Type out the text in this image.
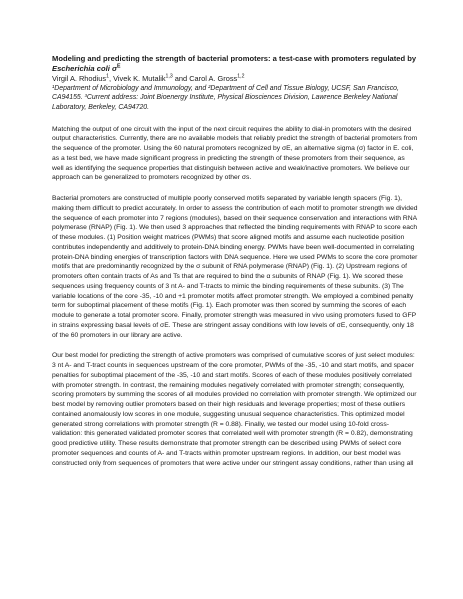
Modeling and predicting the strength of bacterial promoters: a test-case with promoters regulated by Escherichia coli $\sigma^E$

Virgil A. Rhodius$^1$, Vivek K. Mutalik$^{1,3}$ and Carol A. Gross$^{1,2}$

¹Department of Microbiology and Immunology, and ²Department of Cell and Tissue Biology, UCSF, San Francisco, CA94155. ³Current address: Joint Bioenergy Institute, Physical Biosciences Division, Lawrence Berkeley National Laboratory, Berkeley, CA94720.

Matching the output of one circuit with the input of the next circuit requires the ability to dial-in promoters with the desired output characteristics. Currently, there are no available models that reliably predict the strength of bacterial promoters from the sequence of the promoter. Using the 60 natural promoters recognized by σE, an alternative sigma (σ) factor in E. coli, as a test bed, we have made significant progress in predicting the strength of these promoters from their sequence, as well as identifying the sequence properties that distinguish between active and weak/inactive promoters. We believe our approach can be generalized to promoters recognized by other σs.

Bacterial promoters are constructed of multiple poorly conserved motifs separated by variable length spacers (Fig. 1), making them difficult to predict accurately. In order to assess the contribution of each motif to promoter strength we divided the sequence of each promoter into 7 regions (modules), based on their sequence conservation and interactions with RNA polymerase (RNAP) (Fig. 1). We then used 3 approaches that reflected the binding requirements with RNAP to score each of these modules. (1) Position weight matrices (PWMs) that score aligned motifs and assume each nucleotide position contributes independently and additively to protein-DNA binding energy. PWMs have been well-documented in correlating protein-DNA binding energies of transcription factors with DNA sequence. Here we used PWMs to score the core promoter motifs that are predominantly recognized by the σ subunit of RNA polymerase (RNAP) (Fig. 1). (2) Upstream regions of promoters often contain tracts of As and Ts that are required to bind the α subunits of RNAP (Fig. 1). We scored these sequences using frequency counts of 3 nt A- and T-tracts to mimic the binding requirements of these subunits. (3) The variable locations of the core -35, -10 and +1 promoter motifs affect promoter strength. We employed a combined penalty term for suboptimal placement of these motifs (Fig. 1). Each promoter was then scored by summing the scores of each module to generate a total promoter score. Finally, promoter strength was measured in vivo using promoters fused to GFP in strains expressing basal levels of σE. These are stringent assay conditions with low levels of σE, consequently, only 18 of the 60 promoters in our library are active.

Our best model for predicting the strength of active promoters was comprised of cumulative scores of just select modules: 3 nt A- and T-tract counts in sequences upstream of the core promoter, PWMs of the -35, -10 and start motifs, and spacer penalties for suboptimal placement of the -35, -10 and start motifs. Scores of each of these modules positively correlated with promoter strength. In contrast, the remaining modules negatively correlated with promoter strength; consequently, scoring promoters by summing the scores of all modules provided no correlation with promoter strength. We optimized our best model by removing outlier promoters based on their high residuals and leverage properties; most of these outliers contained anomalously low scores in one module, suggesting unusual sequence characteristics. This optimized model generated strong correlations with promoter strength (R = 0.88). Finally, we tested our model using 10-fold cross-validation: this generated validated promoter scores that correlated well with promoter strength (R = 0.82), demonstrating good predictive utility. These results demonstrate that promoter strength can be described using PWMs of select core promoter sequences and counts of A- and T-tracts within promoter upstream regions. In addition, our best model was constructed only from sequences of promoters that were active under our stringent assay conditions, rather than using all
